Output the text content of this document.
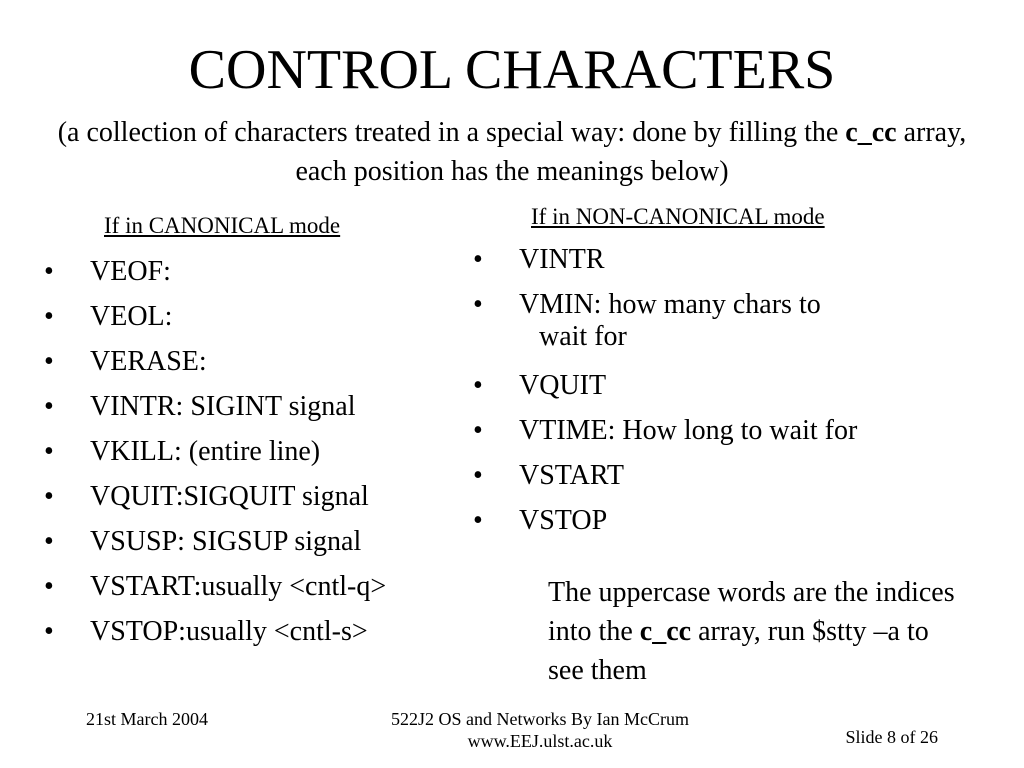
CONTROL CHARACTERS
(a collection of characters treated in a special way: done by filling the c_cc array, each position has the meanings below)
If in CANONICAL mode
• VEOF:
• VEOL:
• VERASE:
• VINTR: SIGINT signal
• VKILL: (entire line)
• VQUIT:SIGQUIT signal
• VSUSP: SIGSUP signal
• VSTART:usually <cntl-q>
• VSTOP:usually <cntl-s>
If in NON-CANONICAL mode
• VINTR
• VMIN: how many chars to
wait for
• VQUIT
• VTIME: How long to wait for
• VSTART
• VSTOP
The uppercase words are the indices into the c_cc array, run $stty –a to see them
21st March 2004	522J2 OS and Networks By Ian McCrum
www.EEJ.ulst.ac.uk	Slide 8 of 26
